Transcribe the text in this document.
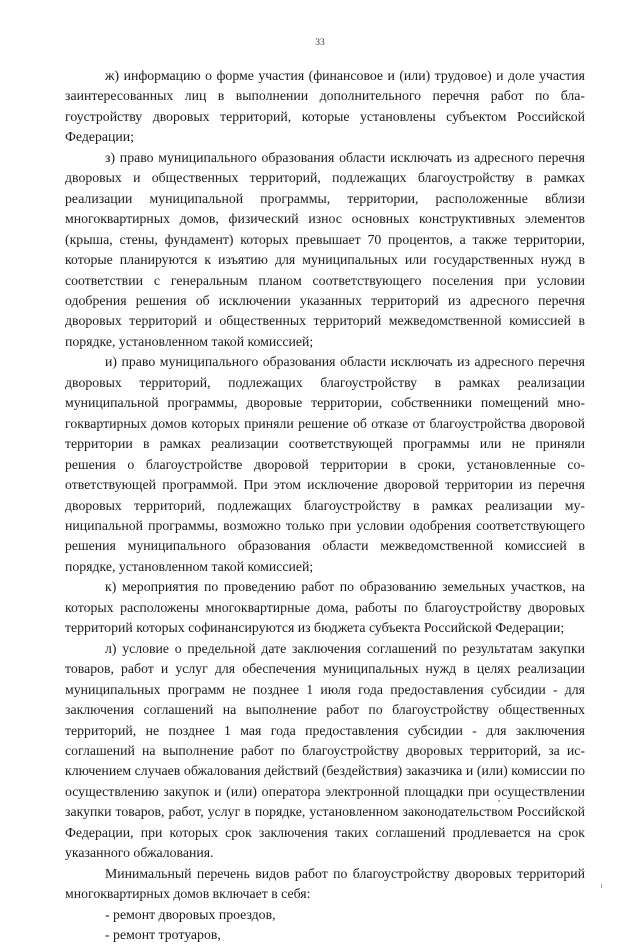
33

ж) информацию о форме участия (финансовое и (или) трудовое) и доле участия заинтересованных лиц в выполнении дополнительного перечня работ по благоустройству дворовых территорий, которые установлены субъектом Российской Федерации;

з) право муниципального образования области исключать из адресного перечня дворовых и общественных территорий, подлежащих благоустройству в рамках реализации муниципальной программы, территории, расположенные вблизи многоквартирных домов, физический износ основных конструктивных элементов (крыша, стены, фундамент) которых превышает 70 процентов, а также территории, которые планируются к изъятию для муниципальных или государственных нужд в соответствии с генеральным планом соответствующего поселения при условии одобрения решения об исключении указанных территорий из адресного перечня дворовых территорий и общественных территорий межведомственной комиссией в порядке, установленном такой комиссией;

и) право муниципального образования области исключать из адресного перечня дворовых территорий, подлежащих благоустройству в рамках реализации муниципальной программы, дворовые территории, собственники помещений многоквартирных домов которых приняли решение об отказе от благоустройства дворовой территории в рамках реализации соответствующей программы или не приняли решения о благоустройстве дворовой территории в сроки, установленные соответствующей программой. При этом исключение дворовой территории из перечня дворовых территорий, подлежащих благоустройству в рамках реализации муниципальной программы, возможно только при условии одобрения соответствующего решения муниципального образования области межведомственной комиссией в порядке, установленном такой комиссией;

к) мероприятия по проведению работ по образованию земельных участков, на которых расположены многоквартирные дома, работы по благоустройству дворовых территорий которых софинансируются из бюджета субъекта Российской Федерации;

л) условие о предельной дате заключения соглашений по результатам закупки товаров, работ и услуг для обеспечения муниципальных нужд в целях реализации муниципальных программ не позднее 1 июля года предоставления субсидии - для заключения соглашений на выполнение работ по благоустройству общественных территорий, не позднее 1 мая года предоставления субсидии - для заключения соглашений на выполнение работ по благоустройству дворовых территорий, за исключением случаев обжалования действий (бездействия) заказчика и (или) комиссии по осуществлению закупок и (или) оператора электронной площадки при осуществлении закупки товаров, работ, услуг в порядке, установленном законодательством Российской Федерации, при которых срок заключения таких соглашений продлевается на срок указанного обжалования.

Минимальный перечень видов работ по благоустройству дворовых территорий многоквартирных домов включает в себя:

- ремонт дворовых проездов,

- ремонт тротуаров,
